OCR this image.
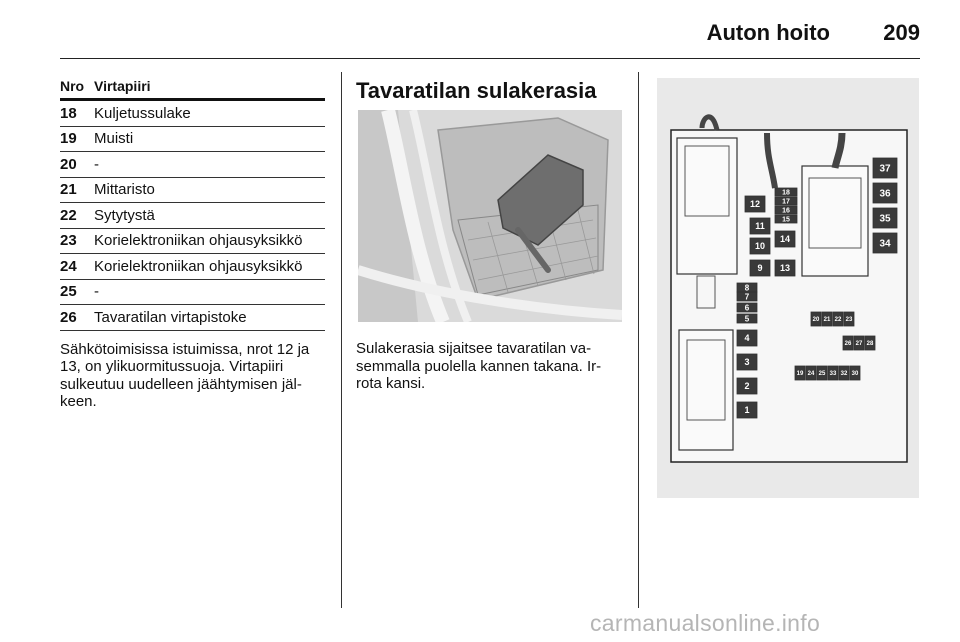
Auton hoito 209
Nro Virtapiiri
18	Kuljetussulake
19	Muisti
20	-
21	Mittaristo
22	Sytytystä
23	Korielektroniikan ohjausyksikkö
24	Korielektroniikan ohjausyksikkö
25	-
26	Tavaratilan virtapistoke
Sähkötoimisissa istuimissa, nrot 12 ja
13, on ylikuormitussuoja. Virtapiiri
sulkeutuu uudelleen jäähtymisen jäl-
keen.
Tavaratilan sulakerasia
Sulakerasia sijaitsee tavaratilan va-
semmalla puolella kannen takana. Ir-
rota kansi.
37
36
35
34
18
17
16
15
12
11
14
10
13
9
8
7
6
5
4
3
2
1
20 21 22 23
26 27 28
19 24 25 33 32 30
carmanualsonline.info
